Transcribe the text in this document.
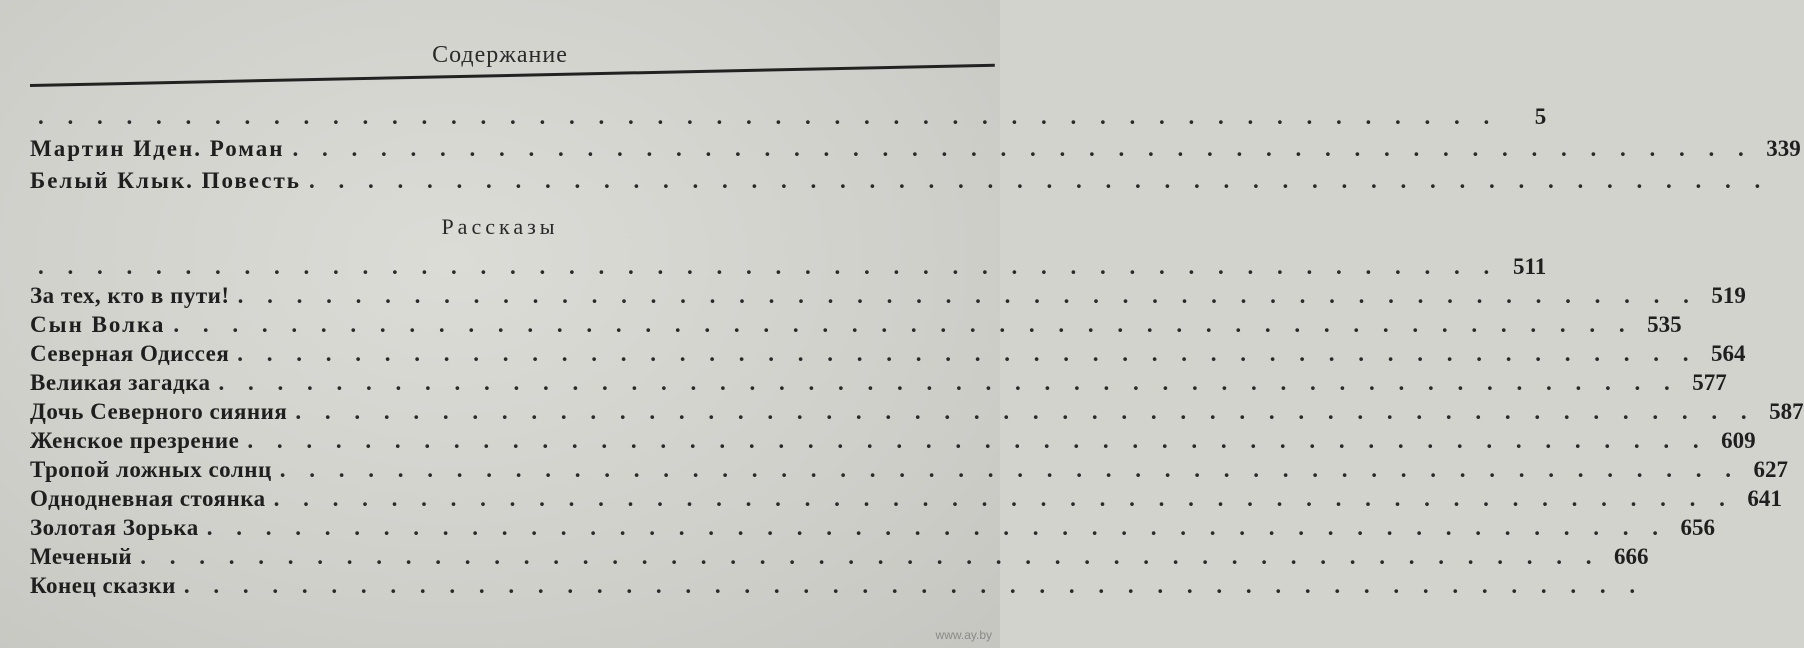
Содержание
. . . . . . . . . . . . . . . . . . . . . . . . . . . . . . . . . . . . . . . . . . . . . . . . . .	5
Мартин Иден. Роман . . . . . . . . . . . . . . . . . . . . . . . . . . . . . . . . . . . . . . . . . . . . . . . . . . 339
Белый Клык. Повесть . . . . . . . . . . . . . . . . . . . . . . . . . . . . . . . . . . . . . . . . . . . . . . . . . .
Рассказы
. . . . . . . . . . . . . . . . . . . . . . . . . . . . . . . . . . . . . . . . . . . . . . . . . . 511
За тех, кто в пути! . . . . . . . . . . . . . . . . . . . . . . . . . . . . . . . . . . . . . . . . . . . . . . . . . . 519
Сын Волка . . . . . . . . . . . . . . . . . . . . . . . . . . . . . . . . . . . . . . . . . . . . . . . . . . 535
Северная Одиссея . . . . . . . . . . . . . . . . . . . . . . . . . . . . . . . . . . . . . . . . . . . . . . . . . . 564
Великая загадка . . . . . . . . . . . . . . . . . . . . . . . . . . . . . . . . . . . . . . . . . . . . . . . . . . 577
Дочь Северного сияния . . . . . . . . . . . . . . . . . . . . . . . . . . . . . . . . . . . . . . . . . . . . . . . . . . 587
Женское презрение . . . . . . . . . . . . . . . . . . . . . . . . . . . . . . . . . . . . . . . . . . . . . . . . . . 609
Тропой ложных солнц . . . . . . . . . . . . . . . . . . . . . . . . . . . . . . . . . . . . . . . . . . . . . . . . . . 627
Однодневная стоянка . . . . . . . . . . . . . . . . . . . . . . . . . . . . . . . . . . . . . . . . . . . . . . . . . . 641
Золотая Зорька . . . . . . . . . . . . . . . . . . . . . . . . . . . . . . . . . . . . . . . . . . . . . . . . . . 656
Меченый . . . . . . . . . . . . . . . . . . . . . . . . . . . . . . . . . . . . . . . . . . . . . . . . . . 666
Конец сказки . . . . . . . . . . . . . . . . . . . . . . . . . . . . . . . . . . . . . . . . . . . . . . . . . .
www.ay.by
